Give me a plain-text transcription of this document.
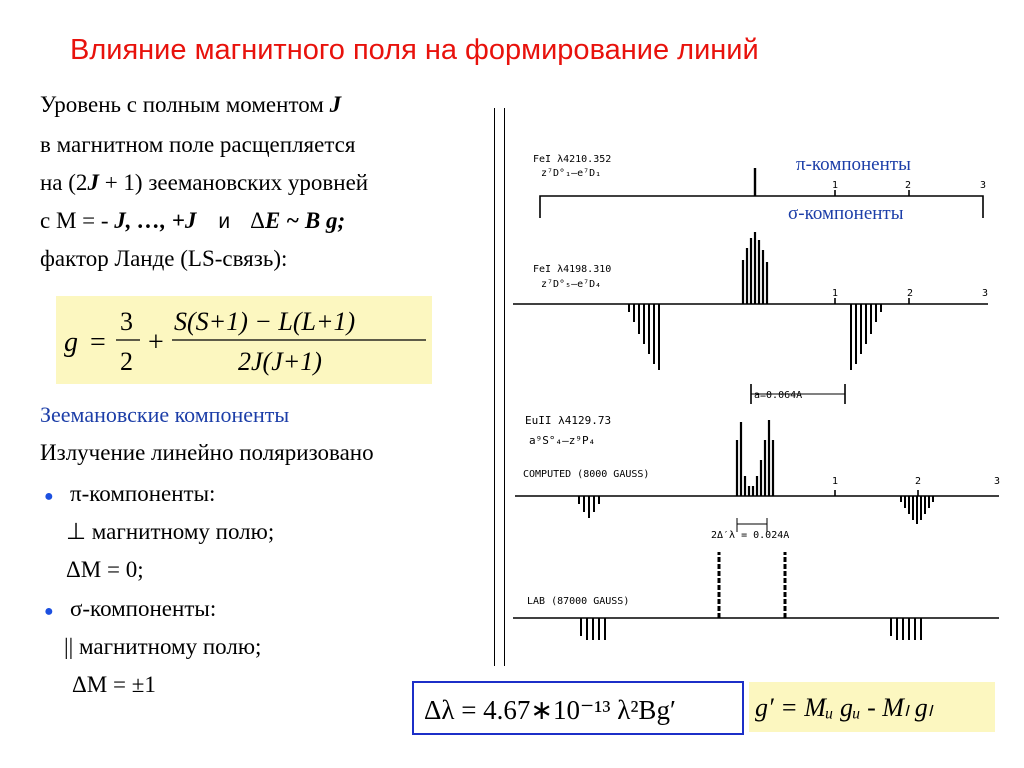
Влияние магнитного поля на формирование линий
Уровень с полным моментом J
в магнитном поле расщепляется
на (2J + 1) зеемановских уровней
с M = - J, …, +J и ΔE ~ B g;
фактор Ланде (LS-связь):
g =
3
2
+
S(S+1) − L(L+1)
2J(J+1)
Зеемановские компоненты
Излучение линейно поляризовано
● π-компоненты:
⊥ магнитному полю;
ΔM = 0;
● σ-компоненты:
|| магнитному полю;
ΔM = ±1
FeI λ4210.352
z⁷D°₁–e⁷D₁
FeI λ4198.310
z⁷D°₅–e⁷D₄
EuII λ4129.73
a⁹S°₄–z⁹P₄
COMPUTED (8000 GAUSS)
LAB (87000 GAUSS)
a=0.064A
2Δ′λ = 0.024A
1	2	3
1	2	3
1	2	3
π-компоненты
σ-компоненты
Δλ = 4.67∗10⁻¹³ λ²Bg′	g′ = Mᵤ gᵤ - Mₗ gₗ
